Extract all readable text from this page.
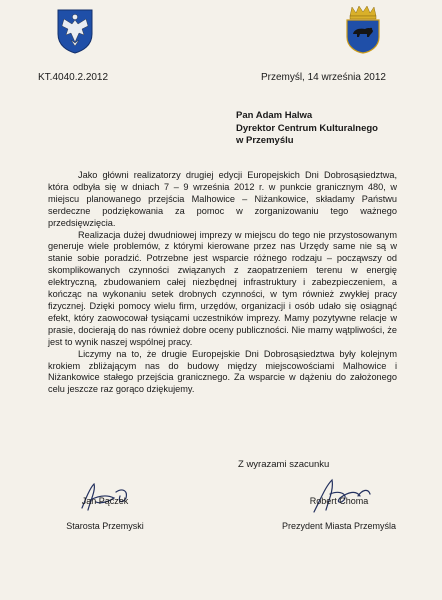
KT.4040.2.2012	Przemyśl, 14 września 2012
Pan Adam Halwa
Dyrektor Centrum Kulturalnego
w Przemyślu

Jako główni realizatorzy drugiej edycji Europejskich Dni Dobrosąsiedztwa, która odbyła się w dniach 7 – 9 września 2012 r. w punkcie granicznym 480, w miejscu planowanego przejścia Malhowice – Niżankowice, składamy Państwu serdeczne podziękowania za pomoc w zorganizowaniu tego ważnego przedsięwzięcia.

Realizacja dużej dwudniowej imprezy w miejscu do tego nie przystosowanym generuje wiele problemów, z którymi kierowane przez nas Urzędy same nie są w stanie sobie poradzić. Potrzebne jest wsparcie różnego rodzaju – począwszy od skomplikowanych czynności związanych z zaopatrzeniem terenu w energię elektryczną, zbudowaniem całej niezbędnej infrastruktury i zabezpieczeniem, a kończąc na wykonaniu setek drobnych czynności, w tym również zwykłej pracy fizycznej. Dzięki pomocy wielu firm, urzędów, organizacji i osób udało się osiągnąć efekt, który zaowocował tysiącami uczestników imprezy. Mamy pozytywne relacje w prasie, docierają do nas również dobre oceny publiczności. Nie mamy wątpliwości, że jest to wynik naszej wspólnej pracy.

Liczymy na to, że drugie Europejskie Dni Dobrosąsiedztwa były kolejnym krokiem zbliżającym nas do budowy między miejscowościami Malhowice i Niżankowice stałego przejścia granicznego. Za wsparcie w dążeniu do założonego celu jeszcze raz gorąco dziękujemy.

Z wyrazami szacunku
Jan Pączek
Starosta Przemyski
Robert Choma
Prezydent Miasta Przemyśla
